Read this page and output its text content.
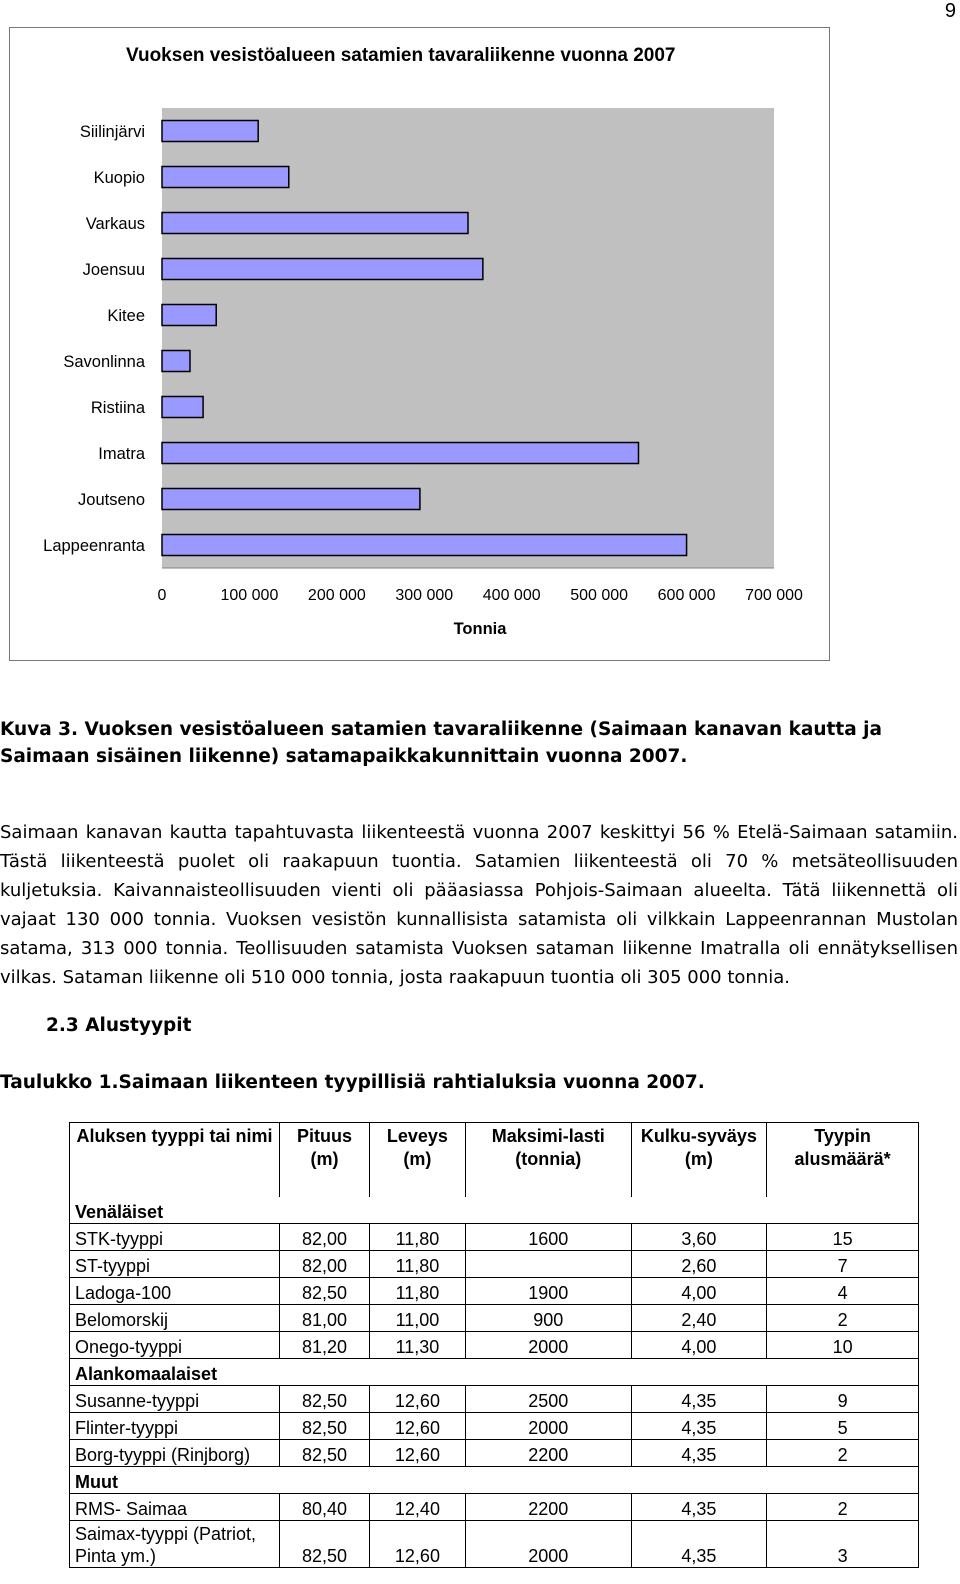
9
Vuoksen vesistöalueen satamien tavaraliikenne vuonna 2007
Siilinjärvi
Kuopio
Varkaus
Joensuu
Kitee
Savonlinna
Ristiina
Imatra
Joutseno
Lappeenranta
0	100 000 200 000 300 000 400 000 500 000 600 000 700 000
Tonnia
Kuva 3. Vuoksen vesistöalueen satamien tavaraliikenne (Saimaan kanavan kautta ja Saimaan sisäinen liikenne) satamapaikkakunnittain vuonna 2007.
Saimaan kanavan kautta tapahtuvasta liikenteestä vuonna 2007 keskittyi 56 % Etelä-Saimaan satamiin. Tästä liikenteestä puolet oli raakapuun tuontia. Satamien liikenteestä oli 70 % metsäteollisuuden kuljetuksia. Kaivannaisteollisuuden vienti oli pääasiassa Pohjois-Saimaan alueelta. Tätä liikennettä oli vajaat 130 000 tonnia. Vuoksen vesistön kunnallisista satamista oli vilkkain Lappeenrannan Mustolan satama, 313 000 tonnia. Teollisuuden satamista Vuoksen sataman liikenne Imatralla oli ennätyksellisen vilkas. Sataman liikenne oli 510 000 tonnia, josta raakapuun tuontia oli 305 000 tonnia.
2.3 Alustyypit
Taulukko 1.Saimaan liikenteen tyypillisiä rahtialuksia vuonna 2007.
Aluksen tyyppi tai nimi	Pituus (m)	Leveys (m)	Maksimi-lasti (tonnia)	Kulku-syväys (m)	Tyypin alusmäärä*
Venäläiset					
STK-tyyppi	82,00	11,80	1600	3,60	15
ST-tyyppi	82,00	11,80		2,60	7
Ladoga-100	82,50	11,80	1900	4,00	4
Belomorskij	81,00	11,00	900	2,40	2
Onego-tyyppi	81,20	11,30	2000	4,00	10
Alankomaalaiset					
Susanne-tyyppi	82,50	12,60	2500	4,35	9
Flinter-tyyppi	82,50	12,60	2000	4,35	5
Borg-tyyppi (Rinjborg)	82,50	12,60	2200	4,35	2
Muut					
RMS- Saimaa	80,40	12,40	2200	4,35	2
Saimax-tyyppi (Patriot, Pinta ym.)	82,50	12,60	2000	4,35	3
